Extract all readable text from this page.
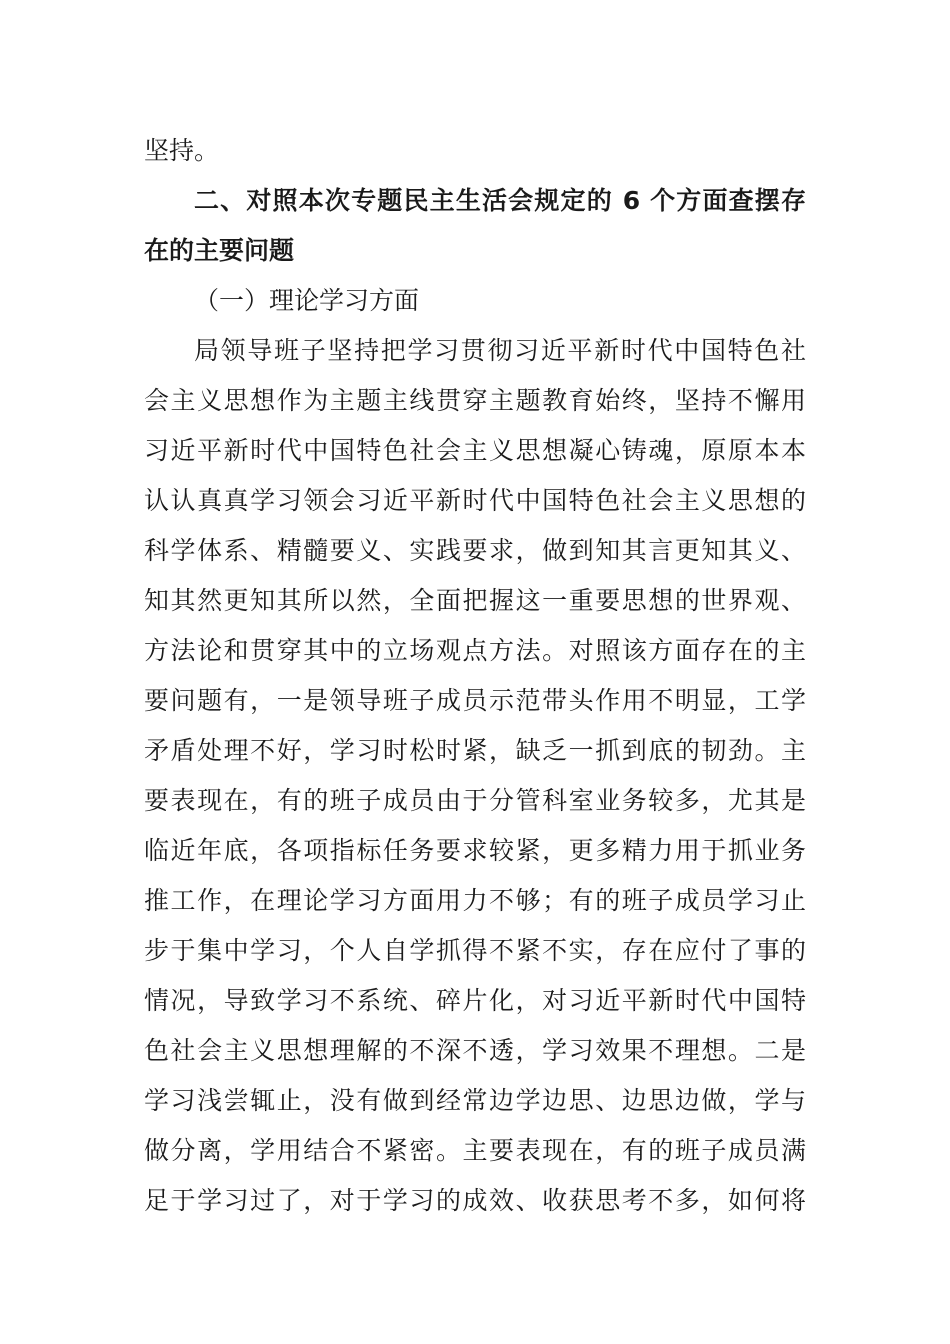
坚持。
二、对照本次专题民主生活会规定的 6 个方面查摆存
在的主要问题
（一）理论学习方面
局领导班子坚持把学习贯彻习近平新时代中国特色社
会主义思想作为主题主线贯穿主题教育始终，坚持不懈用
习近平新时代中国特色社会主义思想凝心铸魂，原原本本
认认真真学习领会习近平新时代中国特色社会主义思想的
科学体系、精髓要义、实践要求，做到知其言更知其义、
知其然更知其所以然，全面把握这一重要思想的世界观、
方法论和贯穿其中的立场观点方法。对照该方面存在的主
要问题有，一是领导班子成员示范带头作用不明显，工学
矛盾处理不好，学习时松时紧，缺乏一抓到底的韧劲。主
要表现在，有的班子成员由于分管科室业务较多，尤其是
临近年底，各项指标任务要求较紧，更多精力用于抓业务
推工作，在理论学习方面用力不够；有的班子成员学习止
步于集中学习，个人自学抓得不紧不实，存在应付了事的
情况，导致学习不系统、碎片化，对习近平新时代中国特
色社会主义思想理解的不深不透，学习效果不理想。二是
学习浅尝辄止，没有做到经常边学边思、边思边做，学与
做分离，学用结合不紧密。主要表现在，有的班子成员满
足于学习过了，对于学习的成效、收获思考不多，如何将
